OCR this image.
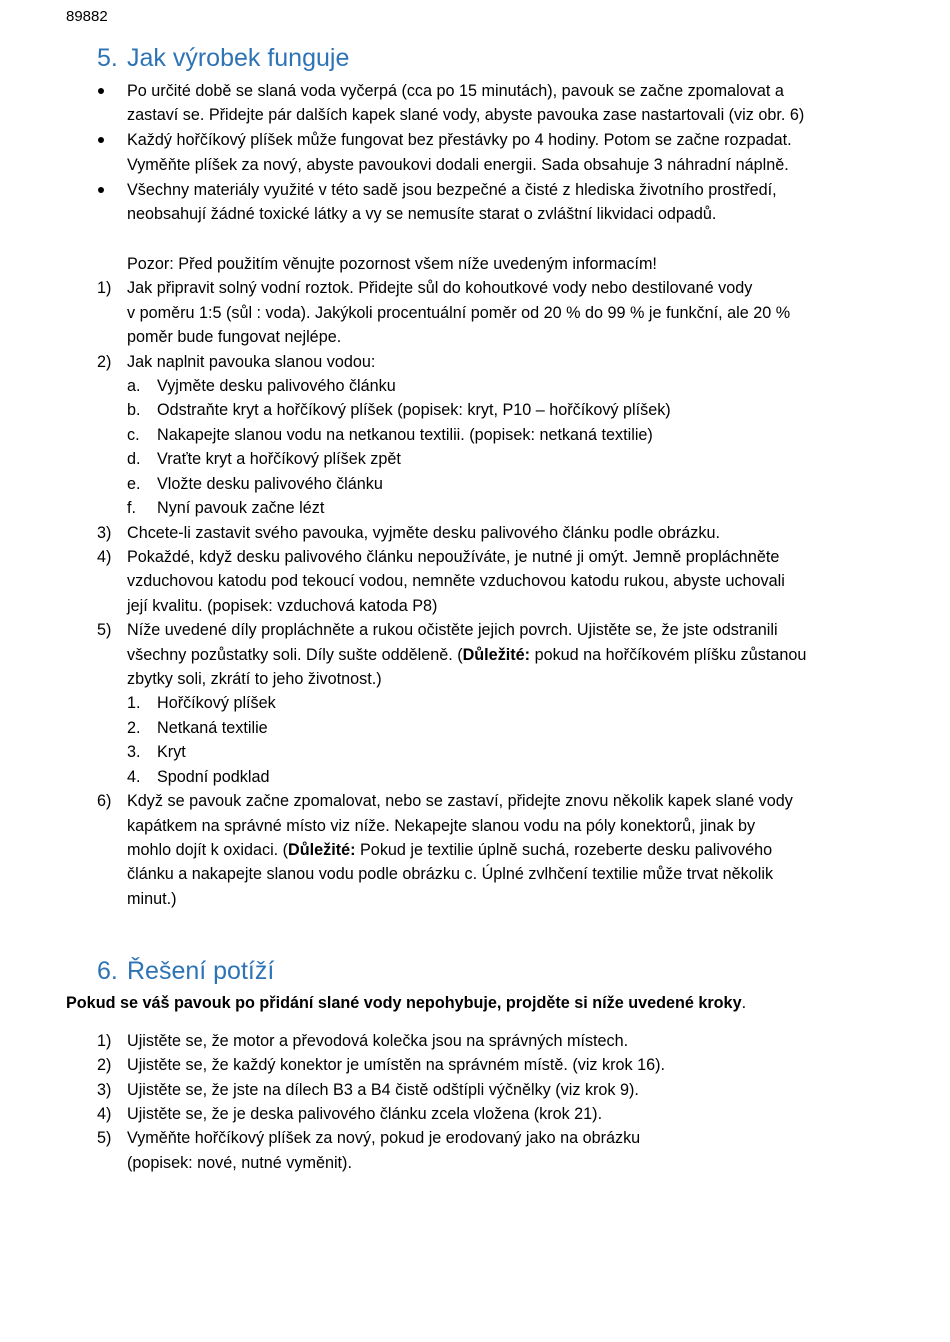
89882
5. Jak výrobek funguje
Po určité době se slaná voda vyčerpá (cca po 15 minutách), pavouk se začne zpomalovat a
zastaví se. Přidejte pár dalších kapek slané vody, abyste pavouka zase nastartovali (viz obr. 6)
Každý hořčíkový plíšek může fungovat bez přestávky po 4 hodiny. Potom se začne rozpadat.
Vyměňte plíšek za nový, abyste pavoukovi dodali energii. Sada obsahuje 3 náhradní náplně.
Všechny materiály využité v této sadě jsou bezpečné a čisté z hlediska životního prostředí,
neobsahují žádné toxické látky a vy se nemusíte starat o zvláštní likvidaci odpadů.
Pozor: Před použitím věnujte pozornost všem níže uvedeným informacím!
1) Jak připravit solný vodní roztok. Přidejte sůl do kohoutkové vody nebo destilované vody
v poměru 1:5 (sůl : voda). Jakýkoli procentuální poměr od 20 % do 99 % je funkční, ale 20 %
poměr bude fungovat nejlépe.
2) Jak naplnit pavouka slanou vodou:
a. Vyjměte desku palivového článku
b. Odstraňte kryt a hořčíkový plíšek (popisek: kryt, P10 – hořčíkový plíšek)
c. Nakapejte slanou vodu na netkanou textilii. (popisek: netkaná textilie)
d. Vraťte kryt a hořčíkový plíšek zpět
e. Vložte desku palivového článku
f. Nyní pavouk začne lézt
3) Chcete-li zastavit svého pavouka, vyjměte desku palivového článku podle obrázku.
4) Pokaždé, když desku palivového článku nepoužíváte, je nutné ji omýt. Jemně propláchněte
vzduchovou katodu pod tekoucí vodou, nemněte vzduchovou katodu rukou, abyste uchovali
její kvalitu. (popisek: vzduchová katoda P8)
5) Níže uvedené díly propláchněte a rukou očistěte jejich povrch. Ujistěte se, že jste odstranili
všechny pozůstatky soli. Díly sušte odděleně. (Důležité: pokud na hořčíkovém plíšku zůstanou
zbytky soli, zkrátí to jeho životnost.)
1. Hořčíkový plíšek
2. Netkaná textilie
3. Kryt
4. Spodní podklad
6) Když se pavouk začne zpomalovat, nebo se zastaví, přidejte znovu několik kapek slané vody
kapátkem na správné místo viz níže. Nekapejte slanou vodu na póly konektorů, jinak by
mohlo dojít k oxidaci. (Důležité: Pokud je textilie úplně suchá, rozeberte desku palivového
článku a nakapejte slanou vodu podle obrázku c. Úplné zvlhčení textilie může trvat několik
minut.)
6. Řešení potíží
Pokud se váš pavouk po přidání slané vody nepohybuje, projděte si níže uvedené kroky.
1) Ujistěte se, že motor a převodová kolečka jsou na správných místech.
2) Ujistěte se, že každý konektor je umístěn na správném místě. (viz krok 16).
3) Ujistěte se, že jste na dílech B3 a B4 čistě odštípli výčnělky (viz krok 9).
4) Ujistěte se, že je deska palivového článku zcela vložena (krok 21).
5) Vyměňte hořčíkový plíšek za nový, pokud je erodovaný jako na obrázku
(popisek: nové, nutné vyměnit).
